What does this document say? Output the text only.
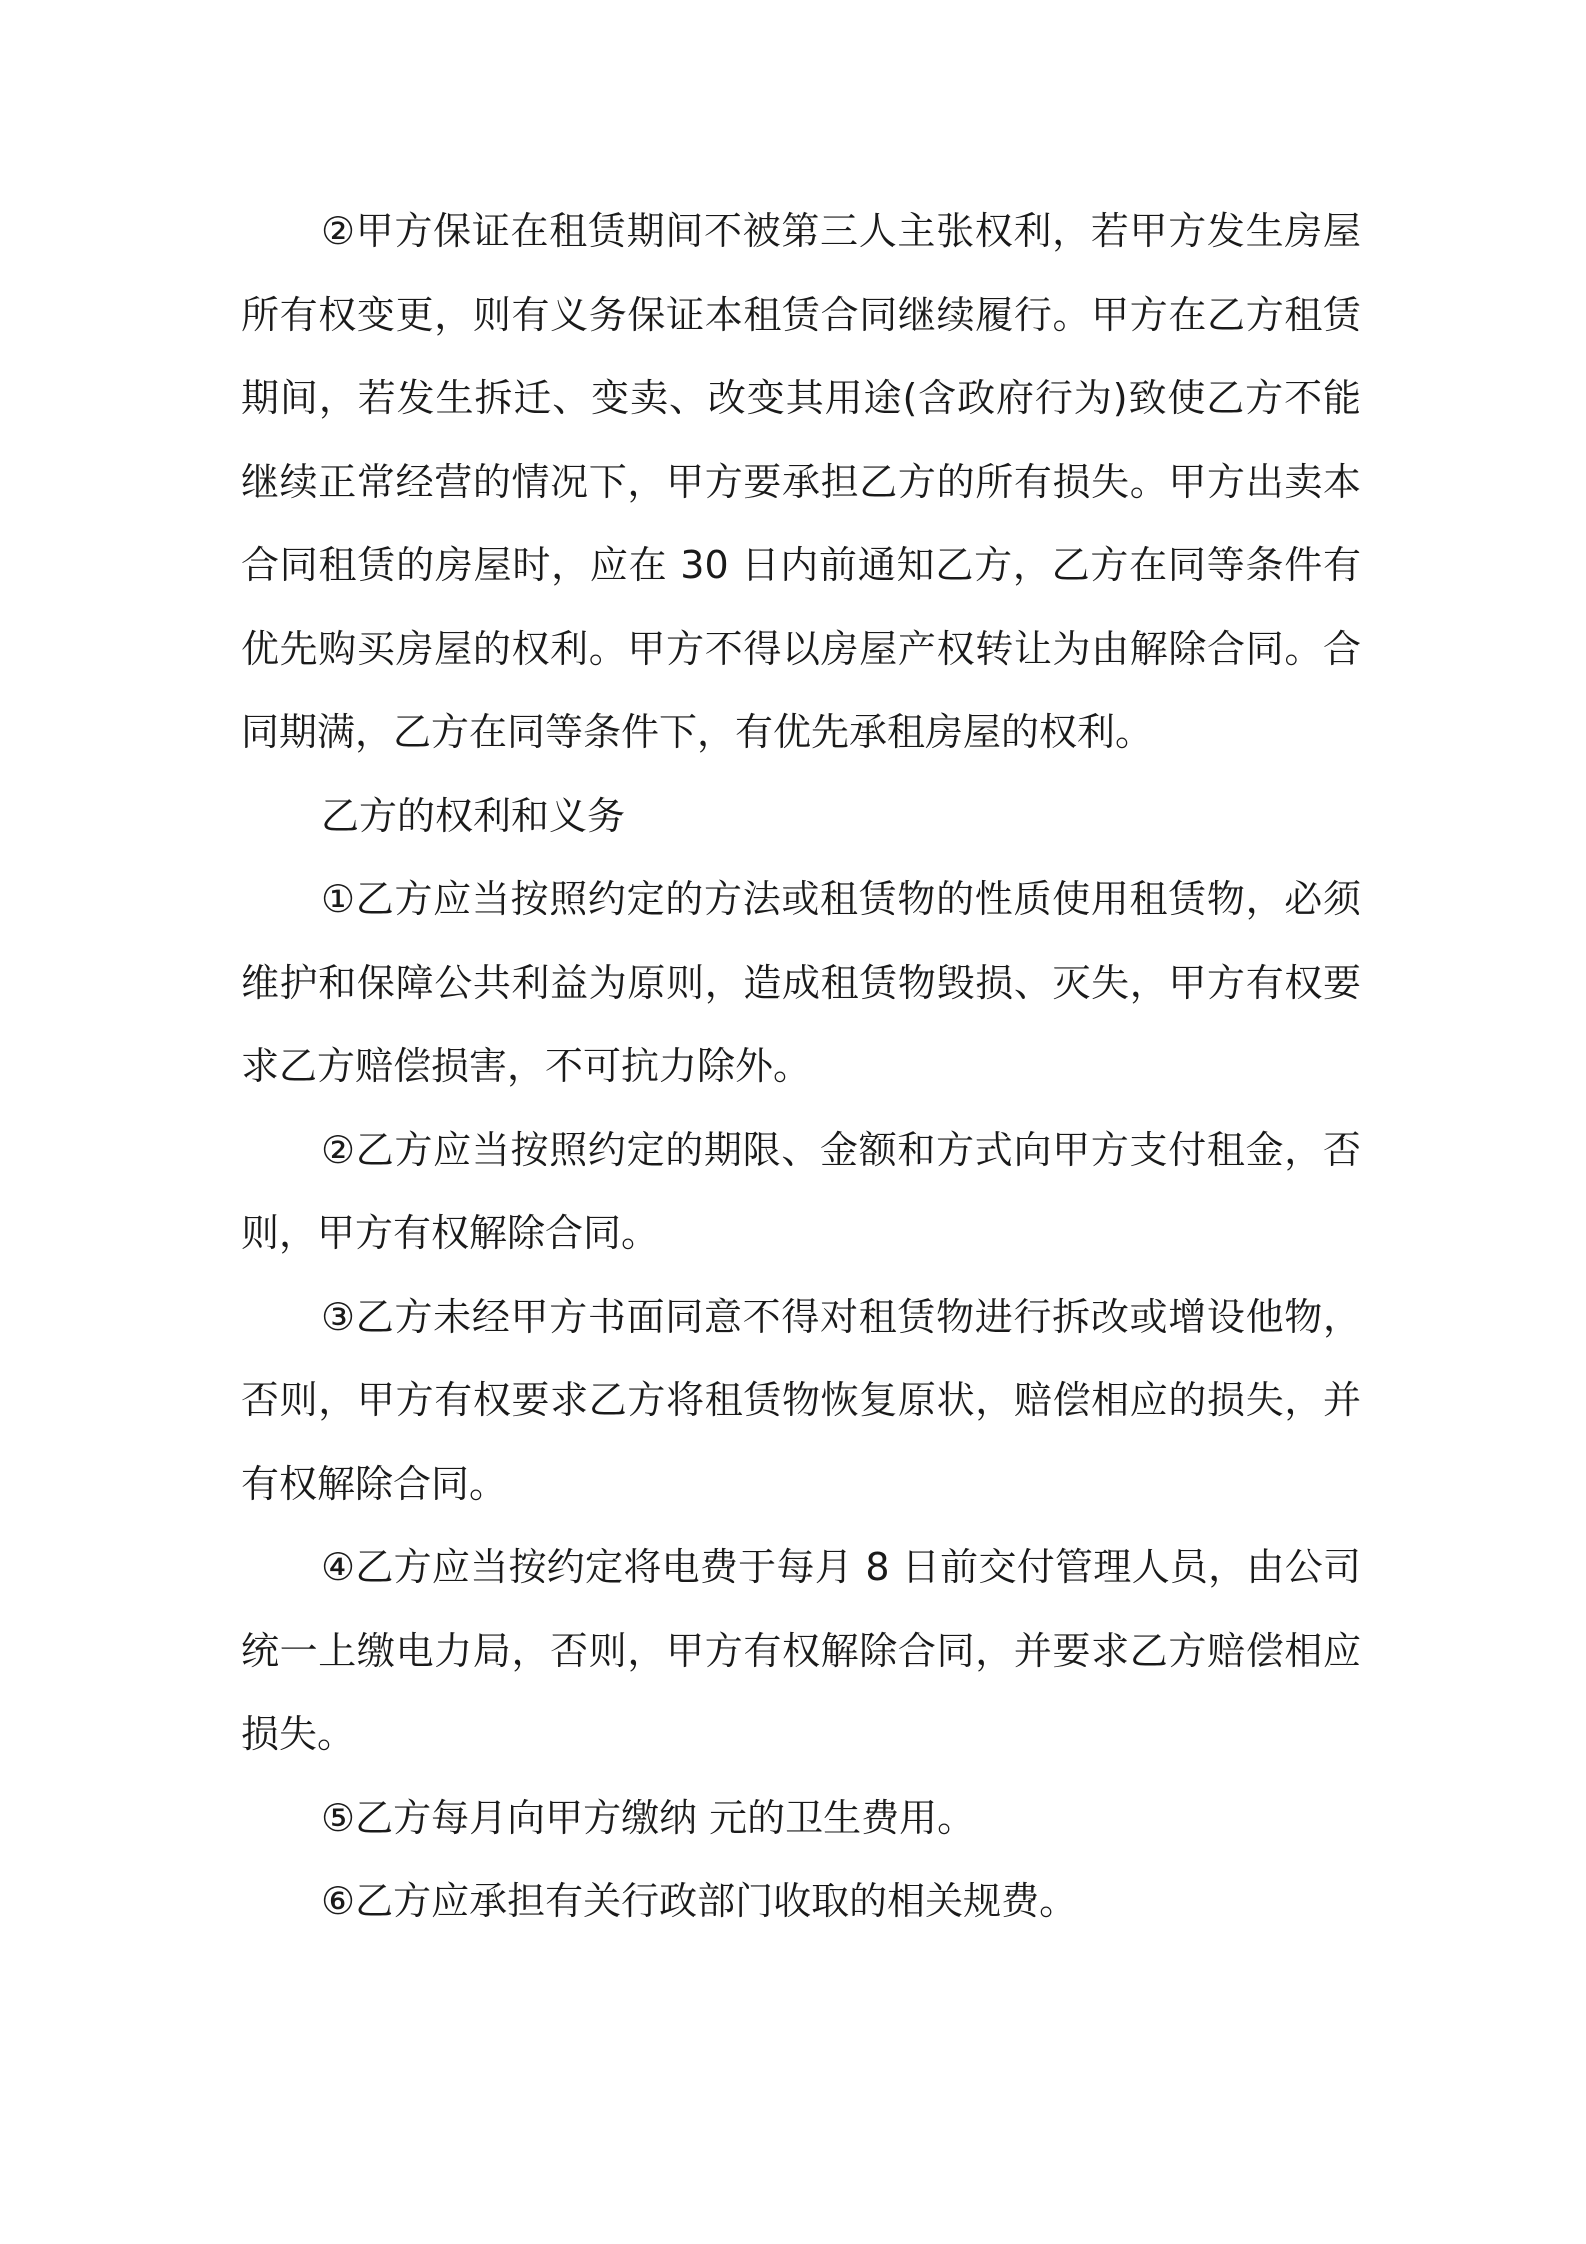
②甲方保证在租赁期间不被第三人主张权利，若甲方发生房屋所有权变更，则有义务保证本租赁合同继续履行。甲方在乙方租赁期间，若发生拆迁、变卖、改变其用途(含政府行为)致使乙方不能继续正常经营的情况下，甲方要承担乙方的所有损失。甲方出卖本合同租赁的房屋时，应在 30 日内前通知乙方，乙方在同等条件有优先购买房屋的权利。甲方不得以房屋产权转让为由解除合同。合同期满，乙方在同等条件下，有优先承租房屋的权利。

乙方的权利和义务

①乙方应当按照约定的方法或租赁物的性质使用租赁物，必须维护和保障公共利益为原则，造成租赁物毁损、灭失，甲方有权要求乙方赔偿损害，不可抗力除外。

②乙方应当按照约定的期限、金额和方式向甲方支付租金，否则，甲方有权解除合同。

③乙方未经甲方书面同意不得对租赁物进行拆改或增设他物，否则，甲方有权要求乙方将租赁物恢复原状，赔偿相应的损失，并有权解除合同。

④乙方应当按约定将电费于每月 8 日前交付管理人员，由公司统一上缴电力局，否则，甲方有权解除合同，并要求乙方赔偿相应损失。

⑤乙方每月向甲方缴纳 元的卫生费用。

⑥乙方应承担有关行政部门收取的相关规费。
